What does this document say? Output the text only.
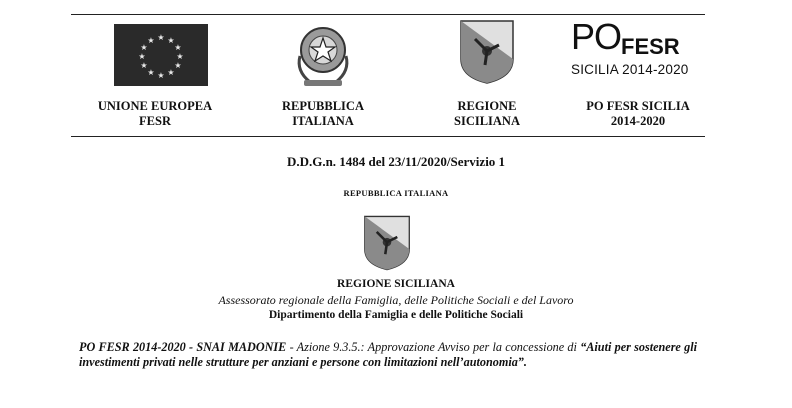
★ ★
★
★
★
★
★
★
★
★
★
★
UNIONE EUROPEA
FESR
REPUBBLICA
ITALIANA
REGIONE
SICILIANA
PO FESR
SICILIA 2014-2020
PO FESR SICILIA
2014-2020
D.D.G.n. 1484 del 23/11/2020/Servizio 1
REPUBBLICA ITALIANA
REGIONE SICILIANA
Assessorato regionale della Famiglia, delle Politiche Sociali e del Lavoro
Dipartimento della Famiglia e delle Politiche Sociali
PO FESR 2014-2020 - SNAI MADONIE - Azione 9.3.5.: Approvazione Avviso per la concessione di “Aiuti per sostenere gli investimenti privati nelle strutture per anziani e persone con limitazioni nell’autonomia”.
